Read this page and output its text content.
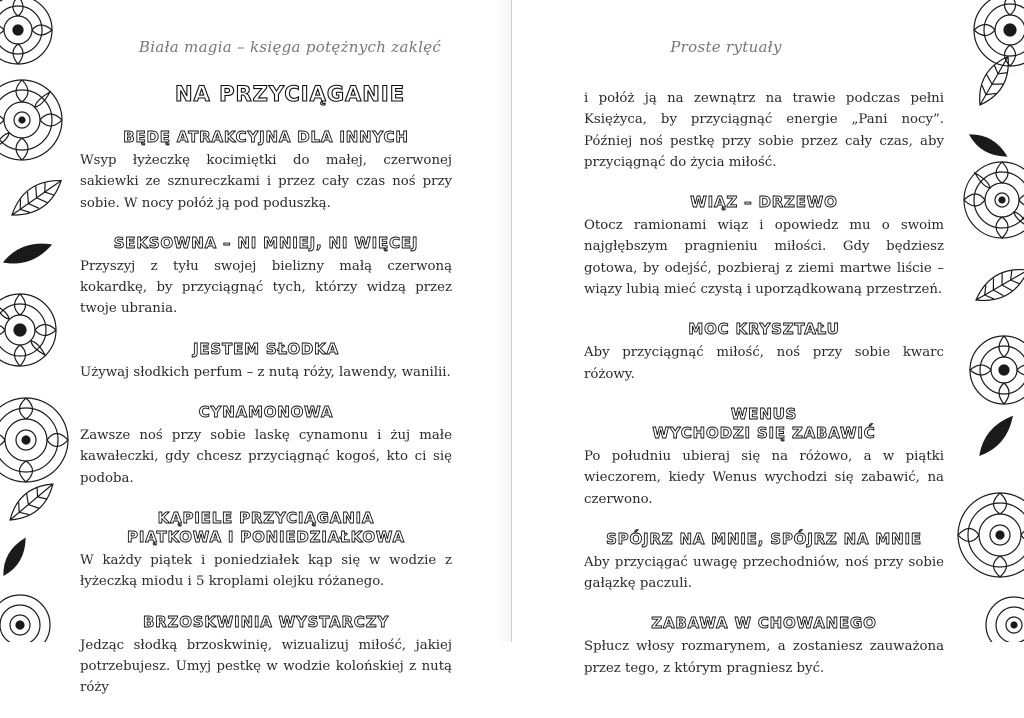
Biała magia – księga potężnych zaklęć
NA PRZYCIĄGANIE
BĘDĘ ATRAKCYJNA DLA INNYCH

Wsyp łyżeczkę kocimiętki do małej, czerwonej sakiewki ze sznureczkami i przez cały czas noś przy sobie. W nocy połóż ją pod poduszką.

SEKSOWNA – NI MNIEJ, NI WIĘCEJ

Przyszyj z tyłu swojej bielizny małą czerwoną kokardkę, by przyciągnąć tych, którzy widzą przez twoje ubrania.

JESTEM SŁODKA

Używaj słodkich perfum – z nutą róży, lawendy, wanilii.

CYNAMONOWA

Zawsze noś przy sobie laskę cynamonu i żuj małe kawałeczki, gdy chcesz przyciągnąć kogoś, kto ci się podoba.

KĄPIELE PRZYCIĄGANIA
PIĄTKOWA I PONIEDZIAŁKOWA

W każdy piątek i poniedziałek kąp się w wodzie z łyżeczką miodu i 5 kroplami olejku różanego.

BRZOSKWINIA WYSTARCZY

Jedząc słodką brzoskwinię, wizualizuj miłość, jakiej potrzebujesz. Umyj pestkę w wodzie kolońskiej z nutą róży

Proste rytuały

i połóż ją na zewnątrz na trawie podczas pełni Księżyca, by przyciągnąć energie „Pani nocy”. Później noś pestkę przy sobie przez cały czas, aby przyciągnąć do życia miłość.

WIĄZ – DRZEWO

Otocz ramionami wiąz i opowiedz mu o swoim najgłębszym pragnieniu miłości. Gdy będziesz gotowa, by odejść, pozbieraj z ziemi martwe liście – wiązy lubią mieć czystą i uporządkowaną przestrzeń.

MOC KRYSZTAŁU

Aby przyciągnąć miłość, noś przy sobie kwarc różowy.

WENUS
WYCHODZI SIĘ ZABAWIĆ

Po południu ubieraj się na różowo, a w piątki wieczorem, kiedy Wenus wychodzi się zabawić, na czerwono.

SPÓJRZ NA MNIE, SPÓJRZ NA MNIE

Aby przyciągać uwagę przechodniów, noś przy sobie gałązkę paczuli.

ZABAWA W CHOWANEGO

Spłucz włosy rozmarynem, a zostaniesz zauważona przez tego, z którym pragniesz być.
